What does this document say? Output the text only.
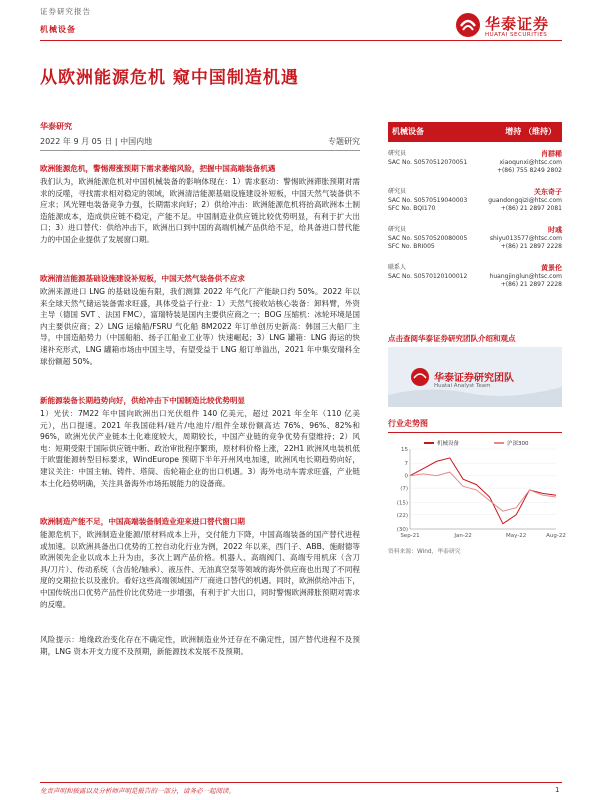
证券研究报告
机械设备	华泰证券
HUATAI SECURITIES
从欧洲能源危机 窥中国制造机遇
华泰研究
2022 年 9 月 05 日 | 中国内地	专题研究
欧洲能源危机，警惕滞涨预期下需求萎缩风险，把握中国高端装备机遇
我们认为，欧洲能源危机对中国机械装备的影响体现在：1）需求驱动：警惕欧洲滞胀预期对需求的反噬，寻找需求相对稳定的领域，欧洲清洁能源基础设施建设补短板，中国天然气装备供不应求；风光锂电装备竞争力强，长期需求向好；2）供给冲击：欧洲能源危机将抬高欧洲本土制造能源成本，造成供应链不稳定，产能不足。中国制造业供应链比较优势明显，有利于扩大出口；3）进口替代：供给冲击下，欧洲出口到中国的高端机械产品供给不足，给具备进口替代能力的中国企业提供了发展窗口期。
欧洲清洁能源基础设施建设补短板，中国天然气装备供不应求
欧洲来源进口 LNG 的基础设施有限，我们测算 2022 年气化厂产能缺口约 50%。2022 年以来全球天然气储运装备需求旺盛，具体受益子行业：1）天然气接收站核心装备：卸料臂，外资主导（德国 SVT 、法国 FMC），富瑞特装是国内主要供应商之一；BOG 压缩机：冰轮环境是国内主要供应商；2）LNG 运输船/FSRU 气化船 8M2022 年订单创历史新高：韩国三大船厂主导，中国造船势力（中国船舶、扬子江船业工业等）快速崛起；3）LNG 罐箱：LNG 海运的快速补充形式，LNG 罐箱市场由中国主导，有望受益于 LNG 船订单溢出，2021 年中集安瑞科全球份额超 50%。
新能源装备长期趋势向好，供给冲击下中国制造比较优势明显
1）光伏：7M22 年中国向欧洲出口光伏组件 140 亿美元，超过 2021 年全年（110 亿美元），出口提速。2021 年我国硅料/硅片/电池片/组件全球份额高达 76%、96%、82%和 96%，欧洲光伏产业链本土化难度较大，周期较长，中国产业链的竞争优势有望维持；2）风电：短期受限于国际供应链中断、政治审批程序繁琐，原材料价格上涨，22H1 欧洲风电装机低于欧盟能源转型目标要求，WindEurope 预期下半年开州风电加速，欧洲风电长期趋势向好，建议关注：中国主轴、铸件、塔筒、齿轮箱企业的出口机遇。3）海外电动车需求旺盛，产业链本土化趋势明确，关注具备海外市场拓展能力的设备商。
欧洲制造产能不足，中国高端装备制造业迎来进口替代窗口期
能源危机下，欧洲制造业能源/原材料成本上升，交付能力下降，中国高端装备的国产替代进程或加速。以欧洲具备出口优势的工控自动化行业为例，2022 年以来，西门子、ABB、施耐德等欧洲领先企业以成本上升为由，多次上调产品价格。机器人、高端阀门、高端专用机床（含刀具/刀片）、传动系统（含齿轮/轴承）、液压件、无油真空泵等领域的海外供应商也出现了不同程度的交期拉长以及涨价。看好这些高端领域国产厂商进口替代的机遇。同时，欧洲供给冲击下，中国传统出口优势产品性价比优势进一步增强，有利于扩大出口，同时警惕欧洲滞胀预期对需求的反噬。
风险提示：地缘政治变化存在不确定性，欧洲制造业外迁存在不确定性，国产替代进程不及预期，LNG 资本开支力度不及预期，新能源技术发展不及预期。
机械设备	增持 （维持）
研究员	肖群稀
SAC No. S0570512070051	xiaoqunxi@htsc.com
+(86) 755 8249 2802
研究员	关东奇子
SAC No. S0570519040003	guandongqizi@htsc.com
SFC No. BQI170	+(86) 21 2897 2081
研究员	时彧
SAC No. S0570520080005	shiyu013577@htsc.com
SFC No. BRI005	+(86) 21 2897 2228
联系人	黄景伦
SAC No. S0570120100012	huangjinglun@htsc.com
+(86) 21 2897 2228
点击查阅华泰证券研究团队介绍和观点
华泰证券研究团队
Huatai Analyst Team
行业走势图
15
7
0
(7)
(15)
(22)
(30)
Sep-21	Jan-22	May-22	Aug-22
机械设备	沪深300
资料来源：Wind，华泰研究
免责声明和披露以及分析师声明是报告的一部分，请务必一起阅读。	1
